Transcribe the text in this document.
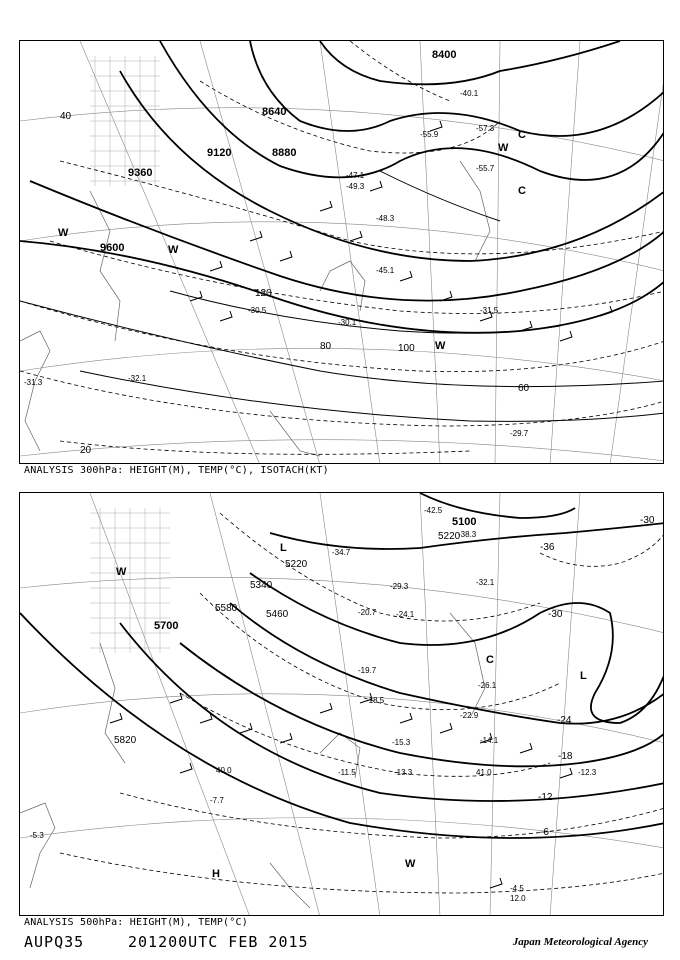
9600
9360
9120	8880
8640
8400
20
40
60
80	100
120
-55.9
-47.1
-49.3
-48.3
-45.1
-30.5
-30.1
-31.5
-32.1
-31.3
-29.7
-57.3
-55.7
-40.1
W
W
C
C
W
W
ANALYSIS 300hPa: HEIGHT(M), TEMP(°C), ISOTACH(KT)
5100
5220
5220
5340
5460
5580
5700
5820
-30
-36
-30
-24
-18
-12
-6
-42.5
-38.3
-34.7
-29.3	-32.1
-24.1
-20.7
-19.7
-26.1
-22.9
-18.5
-15.3
-13.3
-11.5
-14.1
-12.3
-7.7
-5.3
-4.5
12.0
40.0	41.0
L
L
H
W
W
C
ANALYSIS 500hPa: HEIGHT(M), TEMP(°C)
AUPQ35	201200UTC FEB 2015	Japan Meteorological Agency
